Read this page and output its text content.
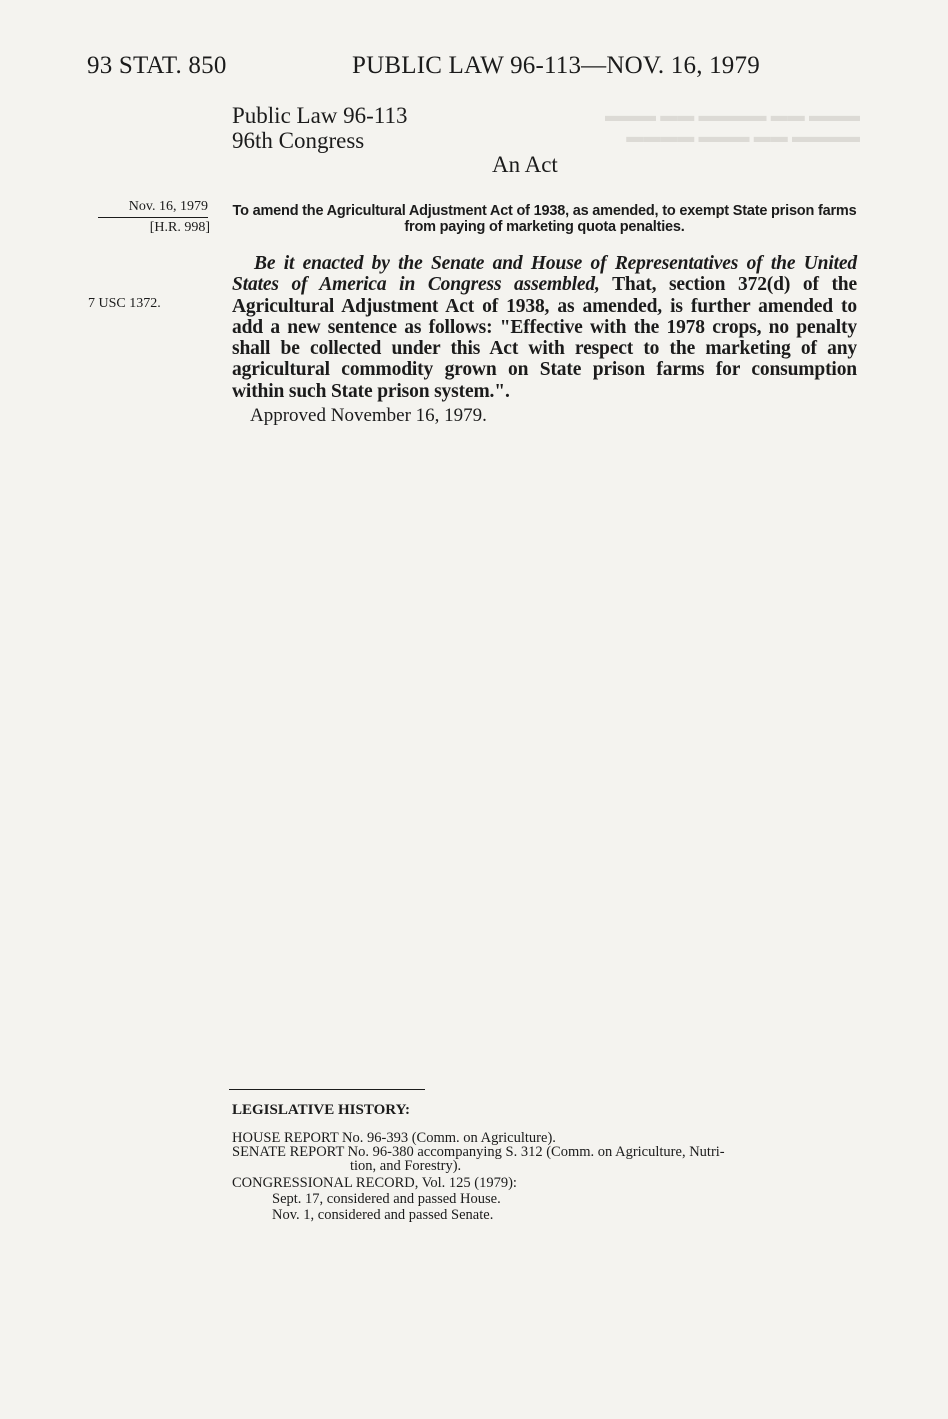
▬▬▬ ▬▬ ▬▬▬▬ ▬▬ ▬▬▬
▬▬▬▬ ▬▬ ▬▬▬ ▬▬▬▬
93 STAT. 850	PUBLIC LAW 96-113—NOV. 16, 1979
Public Law 96-113
96th Congress
An Act
Nov. 16, 1979
[H.R. 998]
7 USC 1372.
To amend the Agricultural Adjustment Act of 1938, as amended, to exempt State prison farms from paying of marketing quota penalties.
Be it enacted by the Senate and House of Representatives of the United States of America in Congress assembled, That, section 372(d) of the Agricultural Adjustment Act of 1938, as amended, is further amended to add a new sentence as follows: "Effective with the 1978 crops, no penalty shall be collected under this Act with respect to the marketing of any agricultural commodity grown on State prison farms for consumption within such State prison system.".
Approved November 16, 1979.
LEGISLATIVE HISTORY:
HOUSE REPORT No. 96-393 (Comm. on Agriculture).
SENATE REPORT No. 96-380 accompanying S. 312 (Comm. on Agriculture, Nutri-
tion, and Forestry).
CONGRESSIONAL RECORD, Vol. 125 (1979):
Sept. 17, considered and passed House.
Nov. 1, considered and passed Senate.
